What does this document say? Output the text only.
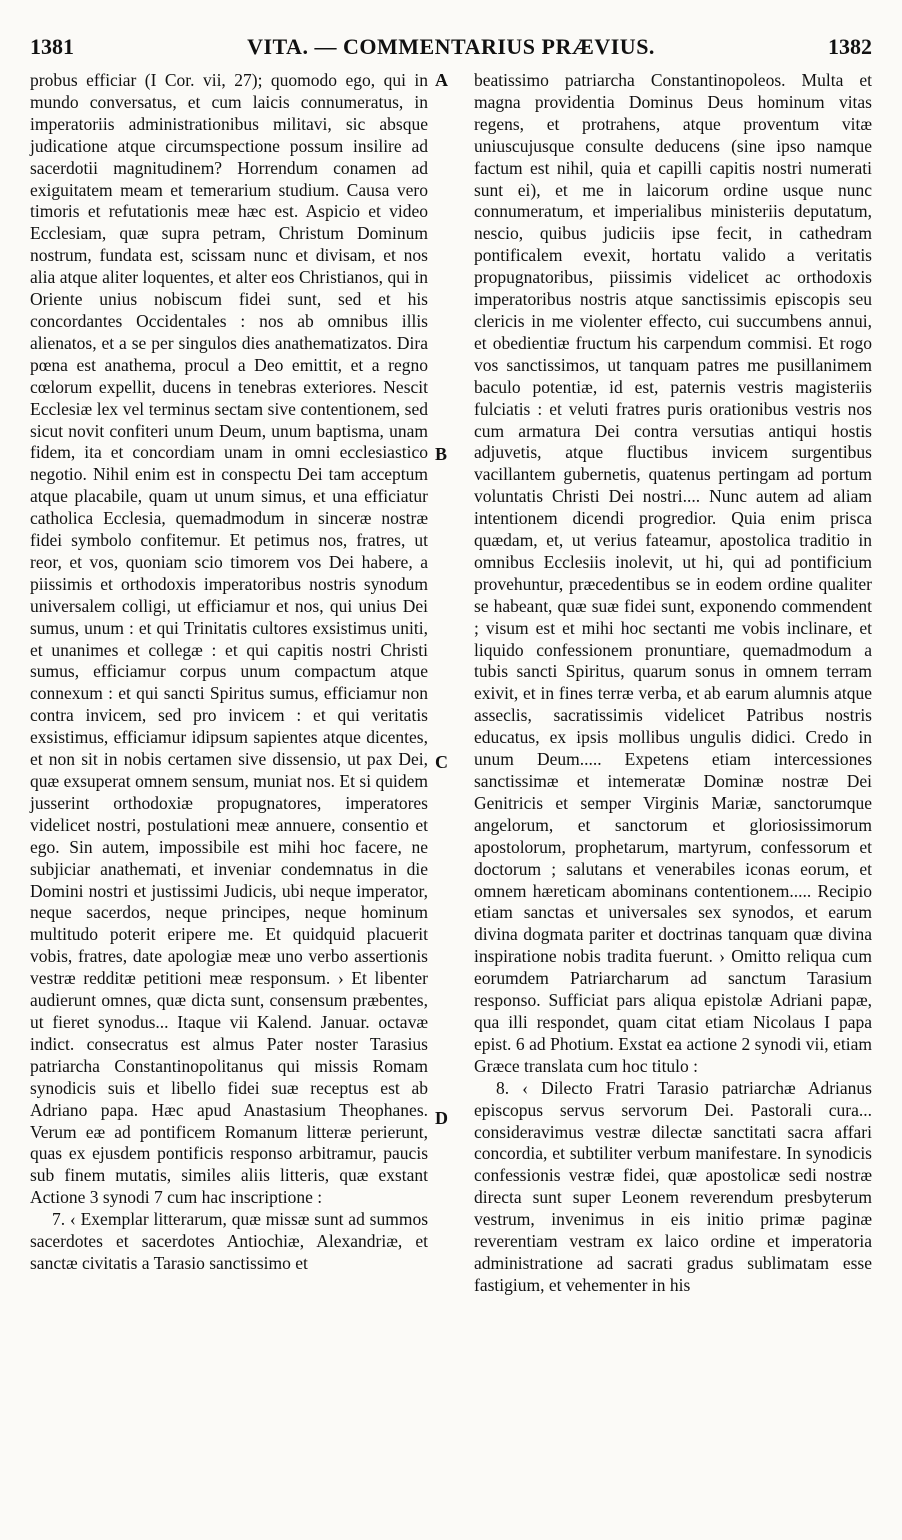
1381	VITA. — COMMENTARIUS PRÆVIUS.	1382

probus efficiar (I Cor. vii, 27); quomodo ego, qui in mundo conversatus, et cum laicis connumeratus, in imperatoriis administrationibus militavi, sic absque judicatione atque circumspectione possum insilire ad sacerdotii magnitudinem? Horrendum conamen ad exiguitatem meam et temerarium studium. Causa vero timoris et refutationis meæ hæc est. Aspicio et video Ecclesiam, quæ supra petram, Christum Dominum nostrum, fundata est, scissam nunc et divisam, et nos alia atque aliter loquentes, et alter eos Christianos, qui in Oriente unius nobiscum fidei sunt, sed et his concordantes Occidentales : nos ab omnibus illis alienatos, et a se per singulos dies anathematizatos. Dira pœna est anathema, procul a Deo emittit, et a regno cœlorum expellit, ducens in tenebras exteriores. Nescit Ecclesiæ lex vel terminus sectam sive contentionem, sed sicut novit confiteri unum Deum, unum baptisma, unam fidem, ita et concordiam unam in omni ecclesiastico negotio. Nihil enim est in conspectu Dei tam acceptum atque placabile, quam ut unum simus, et una efficiatur catholica Ecclesia, quemadmodum in sinceræ nostræ fidei symbolo confitemur. Et petimus nos, fratres, ut reor, et vos, quoniam scio timorem vos Dei habere, a piissimis et orthodoxis imperatoribus nostris synodum universalem colligi, ut efficiamur et nos, qui unius Dei sumus, unum : et qui Trinitatis cultores exsistimus uniti, et unanimes et collegæ : et qui capitis nostri Christi sumus, efficiamur corpus unum compactum atque connexum : et qui sancti Spiritus sumus, efficiamur non contra invicem, sed pro invicem : et qui veritatis exsistimus, efficiamur idipsum sapientes atque dicentes, et non sit in nobis certamen sive dissensio, ut pax Dei, quæ exsuperat omnem sensum, muniat nos. Et si quidem jusserint orthodoxiæ propugnatores, imperatores videlicet nostri, postulationi meæ annuere, consentio et ego. Sin autem, impossibile est mihi hoc facere, ne subjiciar anathemati, et inveniar condemnatus in die Domini nostri et justissimi Judicis, ubi neque imperator, neque sacerdos, neque principes, neque hominum multitudo poterit eripere me. Et quidquid placuerit vobis, fratres, date apologiæ meæ uno verbo assertionis vestræ redditæ petitioni meæ responsum. › Et libenter audierunt omnes, quæ dicta sunt, consensum præbentes, ut fieret synodus... Itaque vii Kalend. Januar. octavæ indict. consecratus est almus Pater noster Tarasius patriarcha Constantinopolitanus qui missis Romam synodicis suis et libello fidei suæ receptus est ab Adriano papa. Hæc apud Anastasium Theophanes. Verum eæ ad pontificem Romanum litteræ perierunt, quas ex ejusdem pontificis responso arbitramur, paucis sub finem mutatis, similes aliis litteris, quæ exstant Actione 3 synodi 7 cum hac inscriptione :

7. ‹ Exemplar litterarum, quæ missæ sunt ad summos sacerdotes et sacerdotes Antiochiæ, Alexandriæ, et sanctæ civitatis a Tarasio sanctissimo et

beatissimo patriarcha Constantinopoleos. Multa et magna providentia Dominus Deus hominum vitas regens, et protrahens, atque proventum vitæ uniuscujusque consulte deducens (sine ipso namque factum est nihil, quia et capilli capitis nostri numerati sunt ei), et me in laicorum ordine usque nunc connumeratum, et imperialibus ministeriis deputatum, nescio, quibus judiciis ipse fecit, in cathedram pontificalem evexit, hortatu valido a veritatis propugnatoribus, piissimis videlicet ac orthodoxis imperatoribus nostris atque sanctissimis episcopis seu clericis in me violenter effecto, cui succumbens annui, et obedientiæ fructum his carpendum commisi. Et rogo vos sanctissimos, ut tanquam patres me pusillanimem baculo potentiæ, id est, paternis vestris magisteriis fulciatis : et veluti fratres puris orationibus vestris nos cum armatura Dei contra versutias antiqui hostis adjuvetis, atque fluctibus invicem surgentibus vacillantem gubernetis, quatenus pertingam ad portum voluntatis Christi Dei nostri.... Nunc autem ad aliam intentionem dicendi progredior. Quia enim prisca quædam, et, ut verius fateamur, apostolica traditio in omnibus Ecclesiis inolevit, ut hi, qui ad pontificium provehuntur, præcedentibus se in eodem ordine qualiter se habeant, quæ suæ fidei sunt, exponendo commendent ; visum est et mihi hoc sectanti me vobis inclinare, et liquido confessionem pronuntiare, quemadmodum a tubis sancti Spiritus, quarum sonus in omnem terram exivit, et in fines terræ verba, et ab earum alumnis atque asseclis, sacratissimis videlicet Patribus nostris educatus, ex ipsis mollibus ungulis didici. Credo in unum Deum..... Expetens etiam intercessiones sanctissimæ et intemeratæ Dominæ nostræ Dei Genitricis et semper Virginis Mariæ, sanctorumque angelorum, et sanctorum et gloriosissimorum apostolorum, prophetarum, martyrum, confessorum et doctorum ; salutans et venerabiles iconas eorum, et omnem hæreticam abominans contentionem..... Recipio etiam sanctas et universales sex synodos, et earum divina dogmata pariter et doctrinas tanquam quæ divina inspiratione nobis tradita fuerunt. › Omitto reliqua cum eorumdem Patriarcharum ad sanctum Tarasium responso. Sufficiat pars aliqua epistolæ Adriani papæ, qua illi respondet, quam citat etiam Nicolaus I papa epist. 6 ad Photium. Exstat ea actione 2 synodi vii, etiam Græce translata cum hoc titulo :

8. ‹ Dilecto Fratri Tarasio patriarchæ Adrianus episcopus servus servorum Dei. Pastorali cura... consideravimus vestræ dilectæ sanctitati sacra affari concordia, et subtiliter verbum manifestare. In synodicis confessionis vestræ fidei, quæ apostolicæ sedi nostræ directa sunt super Leonem reverendum presbyterum vestrum, invenimus in eis initio primæ paginæ reverentiam vestram ex laico ordine et imperatoria administratione ad sacrati gradus sublimatam esse fastigium, et vehementer in his

A
B
C
D
